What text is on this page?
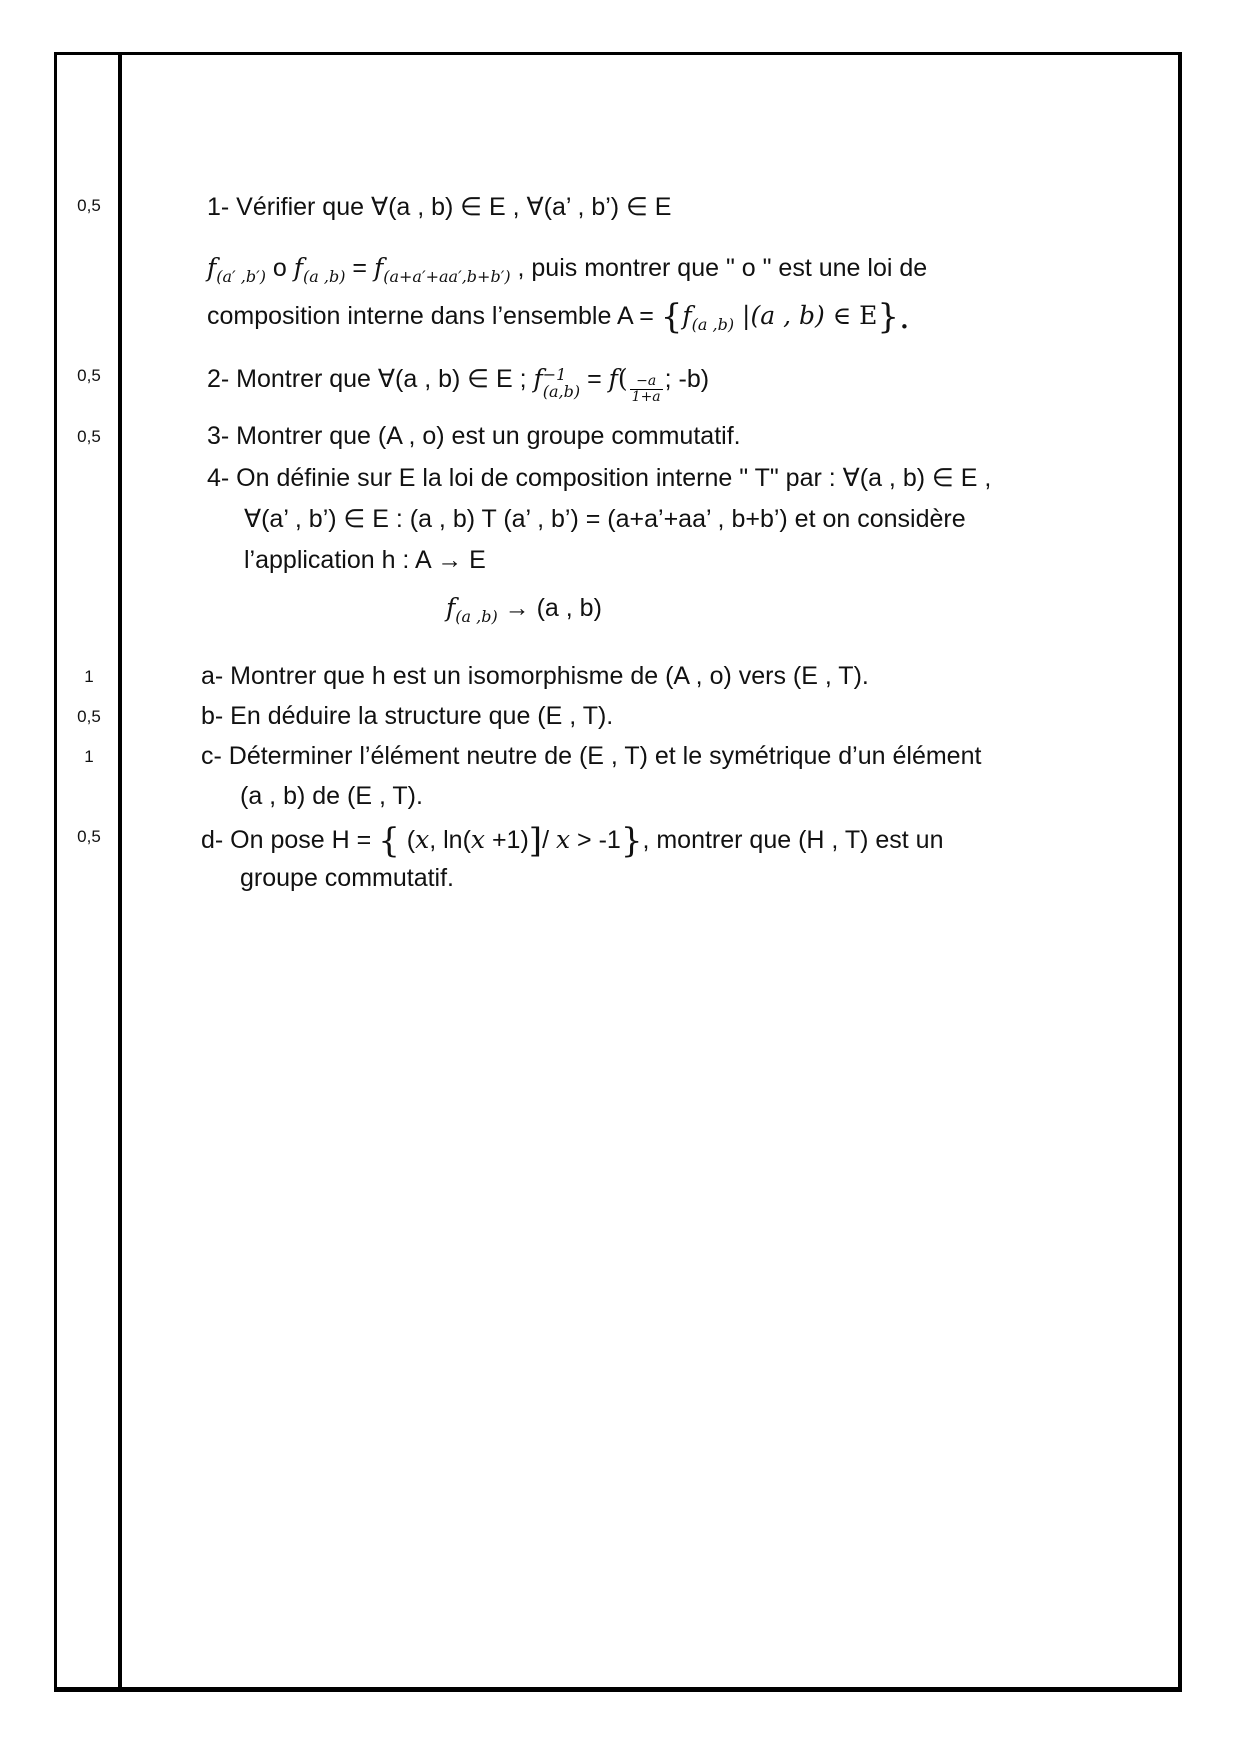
0,5
0,5
0,5
1
0,5
1
0,5
1- Vérifier que ∀(a , b) ∈ E , ∀(a’ , b’) ∈ E
$f_{(a' ,b')}$ o $f_{(a ,b)} = f_{(a+a'+aa',b+b')}$ , puis montrer que " o " est une loi de
composition interne dans l’ensemble $A = \{f_{(a ,b)}$ |(a , b) ∈ E}.
2- Montrer que ∀(a , b) ∈ E ; f −1
$(a,b) = f( \frac{-a}{1+a}$ ; -b)
3- Montrer que (A , o) est un groupe commutatif.
4- On définie sur E la loi de composition interne " T" par : ∀(a , b) ∈ E ,
∀(a’ , b’) ∈ E : (a , b) T (a’ , b’) = (a+a’+aa’ , b+b’) et on considère
l’application h : A → E
$f_{(a ,b)} \to (a$ , b)
a- Montrer que h est un isomorphisme de (A , o) vers (E , T).
b- En déduire la structure que (E , T).
c- Déterminer l’élément neutre de (E , T) et le symétrique d’un élément
(a , b) de (E , T).
d- On pose H = { (x, ln(x +1)]/ x > -1}, montrer que (H , T) est un
groupe commutatif.
